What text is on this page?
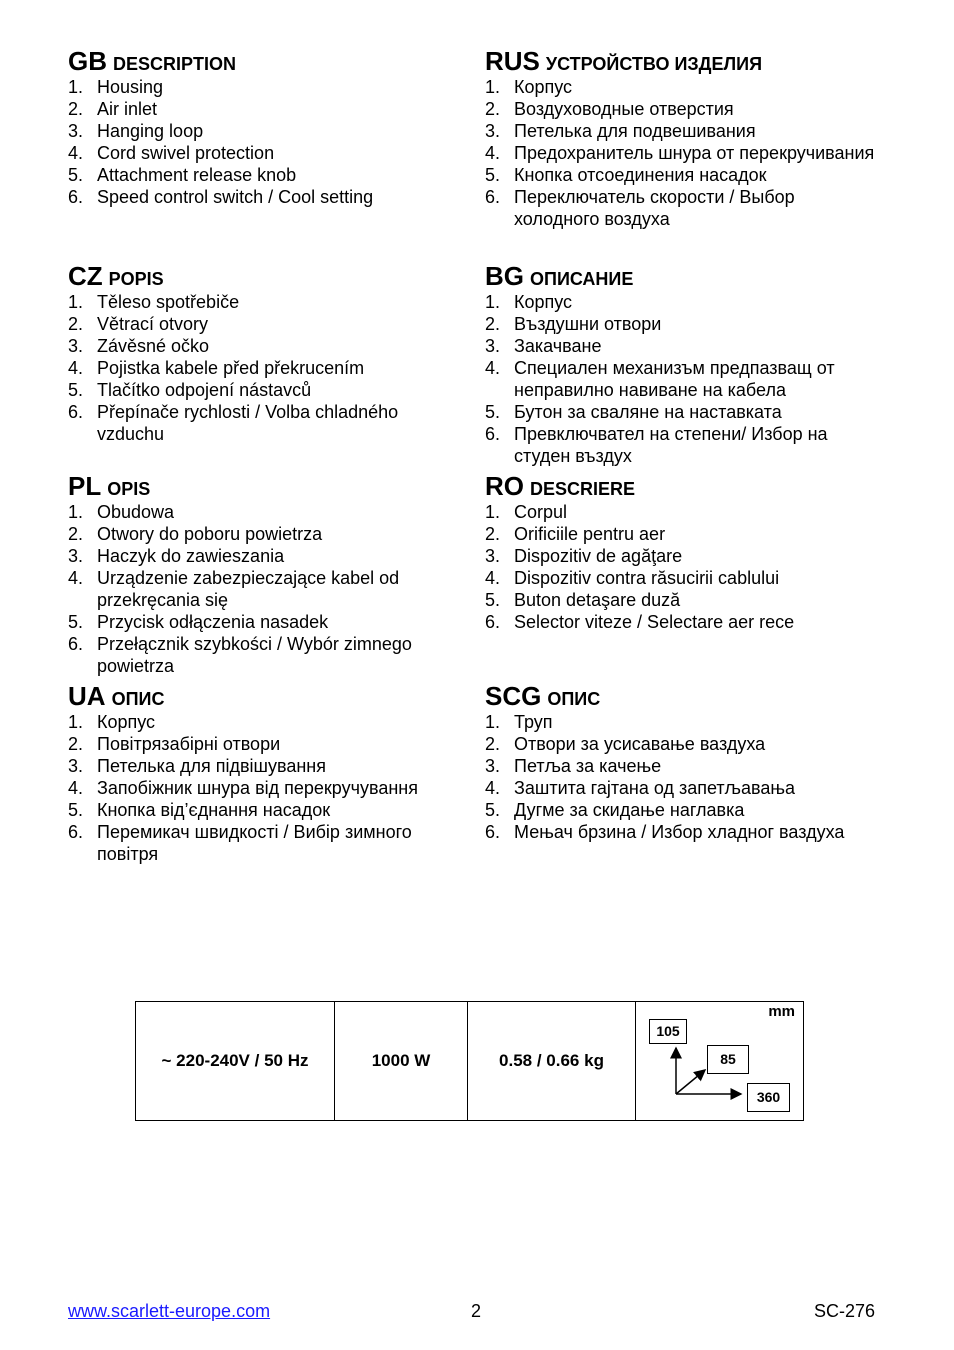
GB DESCRIPTION
1. Housing
2. Air inlet
3. Hanging loop
4. Cord swivel protection
5. Attachment release knob
6. Speed control switch / Cool setting
CZ POPIS
1. Těleso spotřebiče
2. Větrací otvory
3. Závěsné očko
4. Pojistka kabele před překrucením
5. Tlačítko odpojení nástavců
6. Přepínače rychlosti / Volba chladného vzduchu
PL OPIS
1. Obudowa
2. Otwory do poboru powietrza
3. Haczyk do zawieszania
4. Urządzenie zabezpieczające kabel od przekręcania się
5. Przycisk odłączenia nasadek
6. Przełącznik szybkości / Wybór zimnego powietrza
UA ОПИС
1. Корпус
2. Повітрязабірні отвори
3. Петелька для підвішування
4. Запобіжник шнура від перекручування
5. Кнопка від’єднання насадок
6. Перемикач швидкості / Вибір зимного повітря
RUS УСТРОЙСТВО ИЗДЕЛИЯ
1. Корпус
2. Воздуховодные отверстия
3. Петелька для подвешивания
4. Предохранитель шнура от перекручивания
5. Кнопка отсоединения насадок
6. Переключатель скорости / Выбор холодного воздуха
BG ОПИСАНИЕ
1. Корпус
2. Въздушни отвори
3. Закачване
4. Специален механизъм предпазващ от неправилно навиване на кабела
5. Бутон за сваляне на наставката
6. Превключвател на степени/ Избор на студен въздух
RO DESCRIERE
1. Corpul
2. Orificiile pentru aer
3. Dispozitiv de agăţare
4. Dispozitiv contra răsucirii cablului
5. Buton detaşare duză
6. Selector viteze / Selectare aer rece
SCG ОПИС
1. Труп
2. Отвори за усисавање ваздуха
3. Петља за качење
4. Заштита гајтана од запетљавања
5. Дугме за скидање наглавка
6. Мењач брзина / Избор хладног ваздуха
~ 220-240V / 50 Hz	1000 W	0.58 / 0.66 kg	
mm
105
85
360
www.scarlett-europe.com	2	SC-276
